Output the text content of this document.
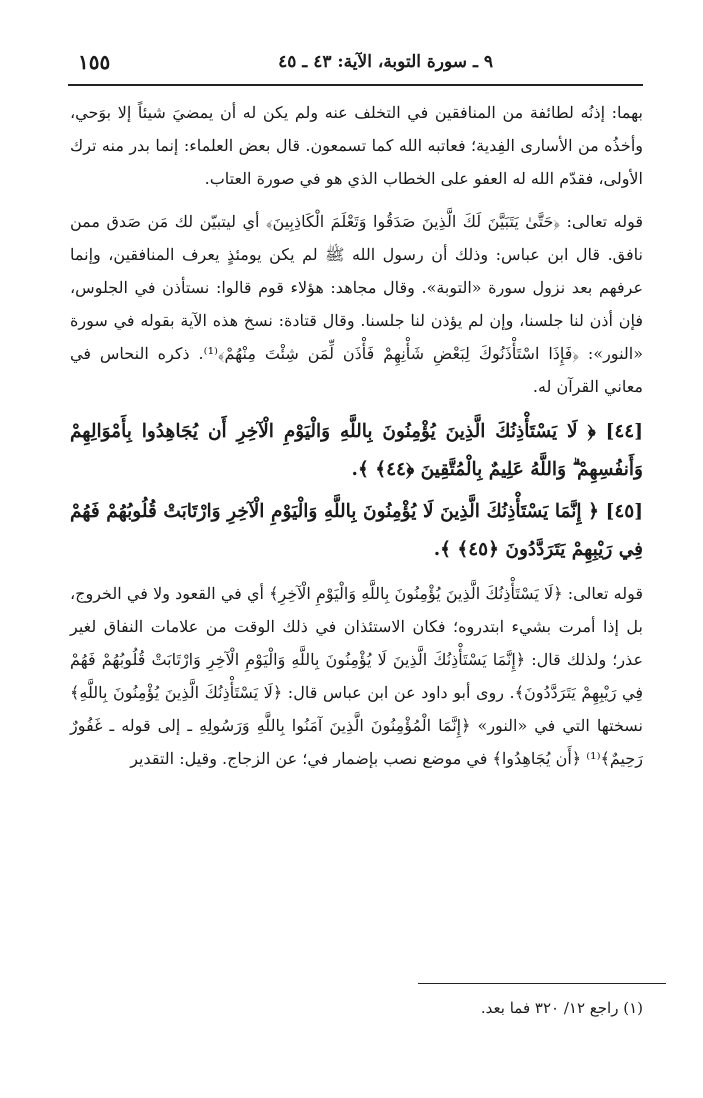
١٥٥	٩ ـ سورة التوبة، الآية: ٤٣ ـ ٤٥

بهما: إذنُه لطائفة من المنافقين في التخلف عنه ولم يكن له أن يمضيَ شيئاً إلا بوَحي، وأخذُه من الأسارى الفِدية؛ فعاتبه الله كما تسمعون. قال بعض العلماء: إنما بدر منه ترك الأولى، فقدّم الله له العفو على الخطاب الذي هو في صورة العتاب.

قوله تعالى: ﴿حَتَّىٰ يَتَبَيَّنَ لَكَ الَّذِينَ صَدَقُوا وَتَعْلَمَ الْكَاذِبِينَ﴾ أي ليتبيّن لك مَن صَدق ممن نافق. قال ابن عباس: وذلك أن رسول الله ﷺ لم يكن يومئذٍ يعرف المنافقين، وإنما عرفهم بعد نزول سورة «التوبة». وقال مجاهد: هؤلاء قوم قالوا: نستأذن في الجلوس، فإن أذن لنا جلسنا، وإن لم يؤذن لنا جلسنا. وقال قتادة: نسخ هذه الآية بقوله في سورة «النور»: ﴿فَإِذَا اسْتَأْذَنُوكَ لِبَعْضِ شَأْنِهِمْ فَأْذَن لِّمَن شِئْتَ مِنْهُمْ﴾⁽¹⁾. ذكره النحاس في معاني القرآن له.

[٤٤] ﴿ لَا يَسْتَأْذِنُكَ الَّذِينَ يُؤْمِنُونَ بِاللَّهِ وَالْيَوْمِ الْآخِرِ أَن يُجَاهِدُوا بِأَمْوَالِهِمْ وَأَنفُسِهِمْ ۗ وَاللَّهُ عَلِيمٌ بِالْمُتَّقِينَ ﴿٤٤﴾ ﴾.

[٤٥] ﴿ إِنَّمَا يَسْتَأْذِنُكَ الَّذِينَ لَا يُؤْمِنُونَ بِاللَّهِ وَالْيَوْمِ الْآخِرِ وَارْتَابَتْ قُلُوبُهُمْ فَهُمْ فِي رَيْبِهِمْ يَتَرَدَّدُونَ ﴿٤٥﴾ ﴾.

قوله تعالى: ﴿لَا يَسْتَأْذِنُكَ الَّذِينَ يُؤْمِنُونَ بِاللَّهِ وَالْيَوْمِ الْآخِرِ﴾ أي في القعود ولا في الخروج، بل إذا أمرت بشيء ابتدروه؛ فكان الاستئذان في ذلك الوقت من علامات النفاق لغير عذر؛ ولذلك قال: ﴿إِنَّمَا يَسْتَأْذِنُكَ الَّذِينَ لَا يُؤْمِنُونَ بِاللَّهِ وَالْيَوْمِ الْآخِرِ وَارْتَابَتْ قُلُوبُهُمْ فَهُمْ فِي رَيْبِهِمْ يَتَرَدَّدُونَ﴾. روى أبو داود عن ابن عباس قال: ﴿لَا يَسْتَأْذِنُكَ الَّذِينَ يُؤْمِنُونَ بِاللَّهِ﴾ نسختها التي في «النور» ﴿إِنَّمَا الْمُؤْمِنُونَ الَّذِينَ آمَنُوا بِاللَّهِ وَرَسُولِهِ ـ إلى قوله ـ غَفُورٌ رَحِيمٌ﴾⁽¹⁾ ﴿أَن يُجَاهِدُوا﴾ في موضع نصب بإضمار في؛ عن الزجاج. وقيل: التقدير

(١) راجع ١٢/ ٣٢٠ فما بعد.
